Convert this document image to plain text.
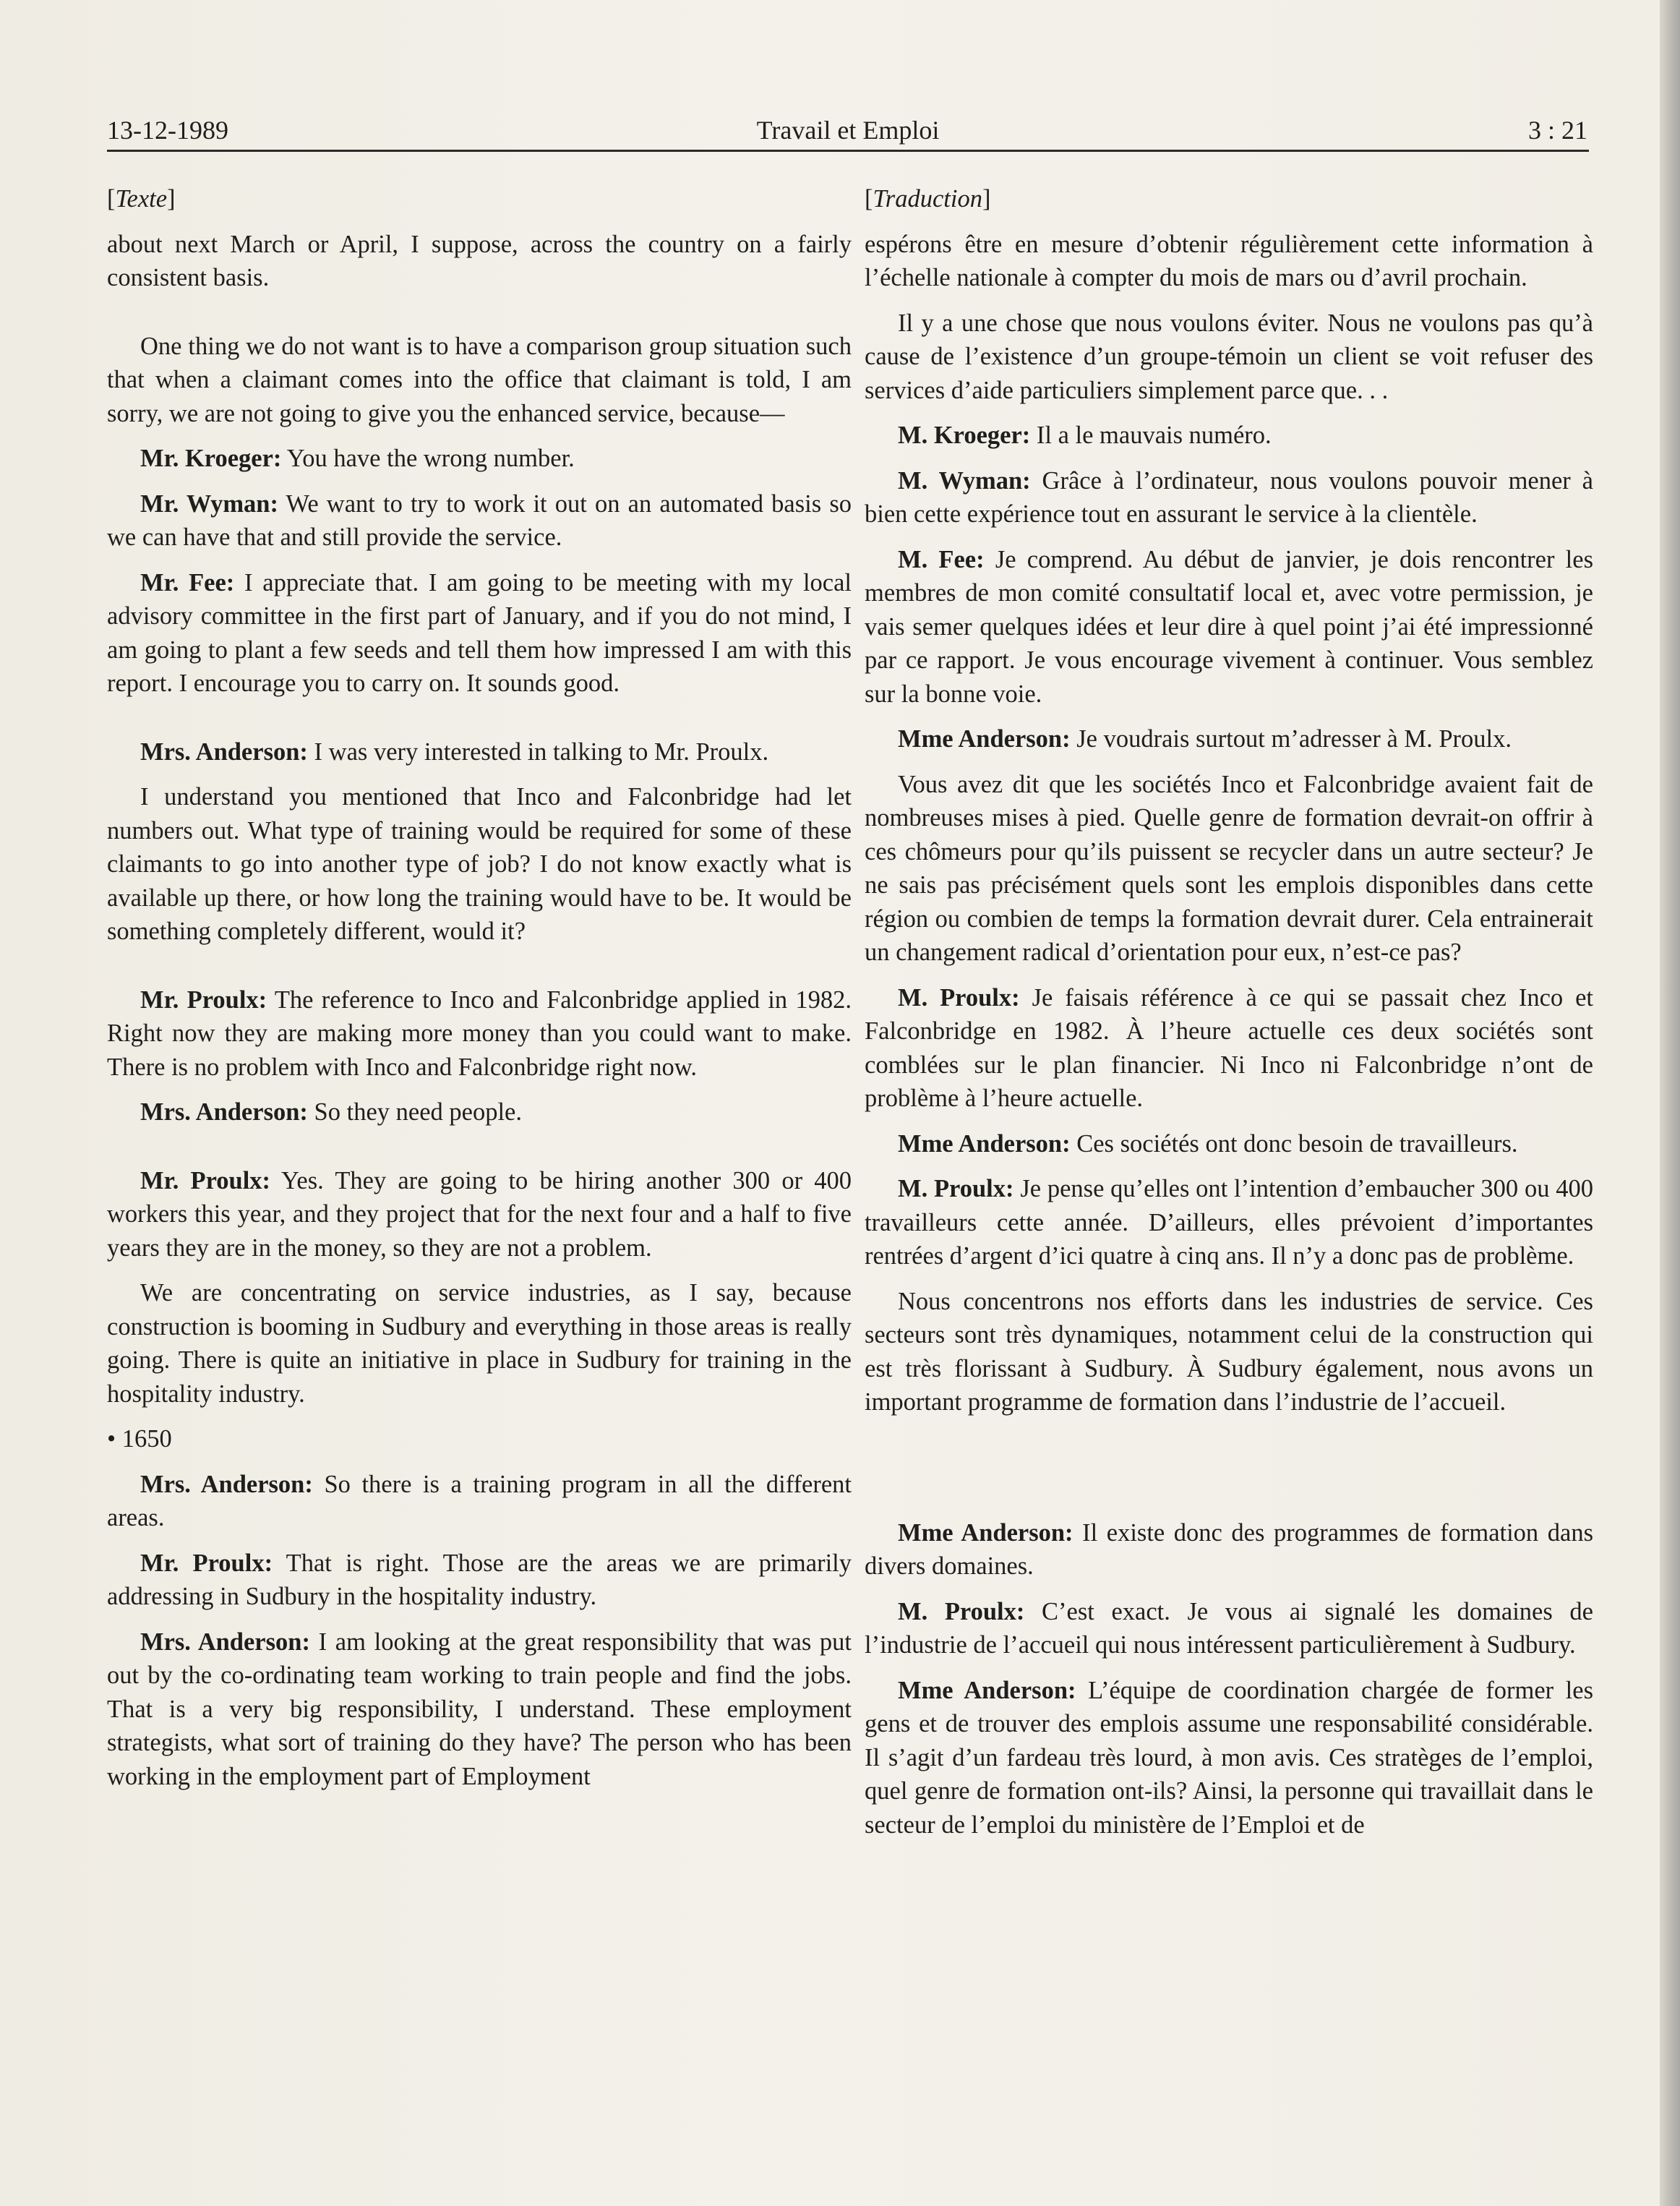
13-12-1989	Travail et Emploi	3 : 21

[Texte]

about next March or April, I suppose, across the country on a fairly consistent basis.

One thing we do not want is to have a comparison group situation such that when a claimant comes into the office that claimant is told, I am sorry, we are not going to give you the enhanced service, because—

Mr. Kroeger: You have the wrong number.

Mr. Wyman: We want to try to work it out on an automated basis so we can have that and still provide the service.

Mr. Fee: I appreciate that. I am going to be meeting with my local advisory committee in the first part of January, and if you do not mind, I am going to plant a few seeds and tell them how impressed I am with this report. I encourage you to carry on. It sounds good.

Mrs. Anderson: I was very interested in talking to Mr. Proulx.

I understand you mentioned that Inco and Falconbridge had let numbers out. What type of training would be required for some of these claimants to go into another type of job? I do not know exactly what is available up there, or how long the training would have to be. It would be something completely different, would it?

Mr. Proulx: The reference to Inco and Falconbridge applied in 1982. Right now they are making more money than you could want to make. There is no problem with Inco and Falconbridge right now.

Mrs. Anderson: So they need people.

Mr. Proulx: Yes. They are going to be hiring another 300 or 400 workers this year, and they project that for the next four and a half to five years they are in the money, so they are not a problem.

We are concentrating on service industries, as I say, because construction is booming in Sudbury and everything in those areas is really going. There is quite an initiative in place in Sudbury for training in the hospitality industry.

• 1650

Mrs. Anderson: So there is a training program in all the different areas.

Mr. Proulx: That is right. Those are the areas we are primarily addressing in Sudbury in the hospitality industry.

Mrs. Anderson: I am looking at the great responsibility that was put out by the co-ordinating team working to train people and find the jobs. That is a very big responsibility, I understand. These employment strategists, what sort of training do they have? The person who has been working in the employment part of Employment

[Traduction]

espérons être en mesure d’obtenir régulièrement cette information à l’échelle nationale à compter du mois de mars ou d’avril prochain.

Il y a une chose que nous voulons éviter. Nous ne voulons pas qu’à cause de l’existence d’un groupe-témoin un client se voit refuser des services d’aide particuliers simplement parce que. . .

M. Kroeger: Il a le mauvais numéro.

M. Wyman: Grâce à l’ordinateur, nous voulons pouvoir mener à bien cette expérience tout en assurant le service à la clientèle.

M. Fee: Je comprend. Au début de janvier, je dois rencontrer les membres de mon comité consultatif local et, avec votre permission, je vais semer quelques idées et leur dire à quel point j’ai été impressionné par ce rapport. Je vous encourage vivement à continuer. Vous semblez sur la bonne voie.

Mme Anderson: Je voudrais surtout m’adresser à M. Proulx.

Vous avez dit que les sociétés Inco et Falconbridge avaient fait de nombreuses mises à pied. Quelle genre de formation devrait-on offrir à ces chômeurs pour qu’ils puissent se recycler dans un autre secteur? Je ne sais pas précisément quels sont les emplois disponibles dans cette région ou combien de temps la formation devrait durer. Cela entrainerait un changement radical d’orientation pour eux, n’est-ce pas?

M. Proulx: Je faisais référence à ce qui se passait chez Inco et Falconbridge en 1982. À l’heure actuelle ces deux sociétés sont comblées sur le plan financier. Ni Inco ni Falconbridge n’ont de problème à l’heure actuelle.

Mme Anderson: Ces sociétés ont donc besoin de travailleurs.

M. Proulx: Je pense qu’elles ont l’intention d’embaucher 300 ou 400 travailleurs cette année. D’ailleurs, elles prévoient d’importantes rentrées d’argent d’ici quatre à cinq ans. Il n’y a donc pas de problème.

Nous concentrons nos efforts dans les industries de service. Ces secteurs sont très dynamiques, notamment celui de la construction qui est très florissant à Sudbury. À Sudbury également, nous avons un important programme de formation dans l’industrie de l’accueil.

Mme Anderson: Il existe donc des programmes de formation dans divers domaines.

M. Proulx: C’est exact. Je vous ai signalé les domaines de l’industrie de l’accueil qui nous intéressent particulièrement à Sudbury.

Mme Anderson: L’équipe de coordination chargée de former les gens et de trouver des emplois assume une responsabilité considérable. Il s’agit d’un fardeau très lourd, à mon avis. Ces stratèges de l’emploi, quel genre de formation ont-ils? Ainsi, la personne qui travaillait dans le secteur de l’emploi du ministère de l’Emploi et de
